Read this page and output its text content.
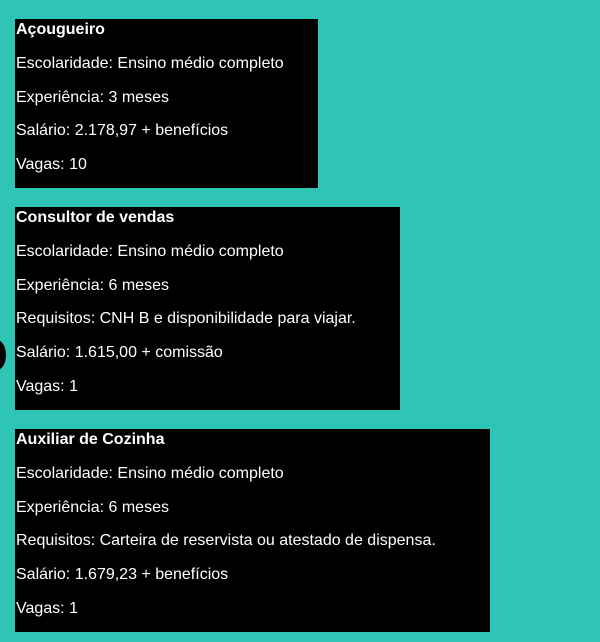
Açougueiro
Escolaridade: Ensino médio completo
Experiência: 3 meses
Salário: 2.178,97 + benefícios
Vagas: 10
Consultor de vendas
Escolaridade: Ensino médio completo
Experiência: 6 meses
Requisitos: CNH B e disponibilidade para viajar.
Salário: 1.615,00 + comissão
Vagas: 1
Auxiliar de Cozinha
Escolaridade: Ensino médio completo
Experiência: 6 meses
Requisitos: Carteira de reservista ou atestado de dispensa.
Salário: 1.679,23 + benefícios
Vagas: 1
